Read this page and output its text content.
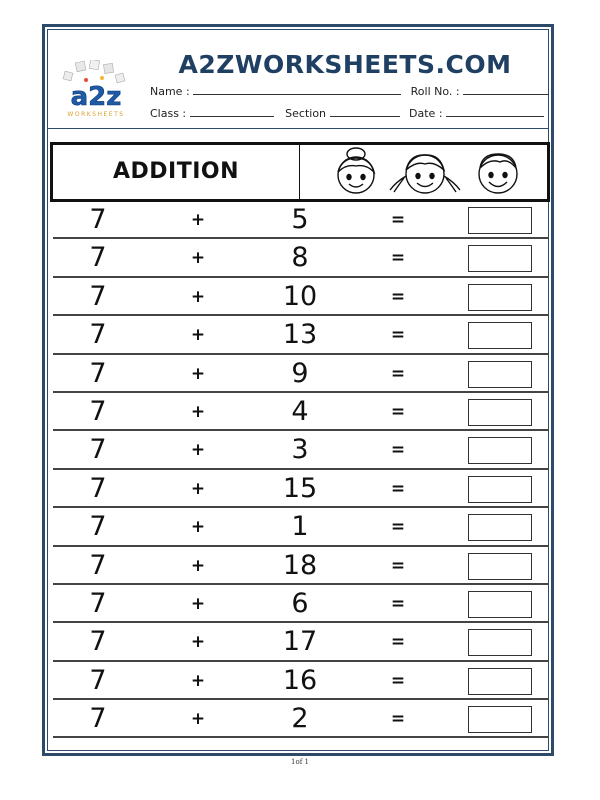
A2ZWORKSHEETS.COM
a2z
WORKSHEETS
Name :	Roll No. :
Class :	Section	Date :
ADDITION
7	+	5	=
7	+	8	=
7	+	10	=
7	+	13	=
7	+	9	=
7	+	4	=
7	+	3	=
7	+	15	=
7	+	1	=
7	+	18	=
7	+	6	=
7	+	17	=
7	+	16	=
7	+	2	=
1of 1
